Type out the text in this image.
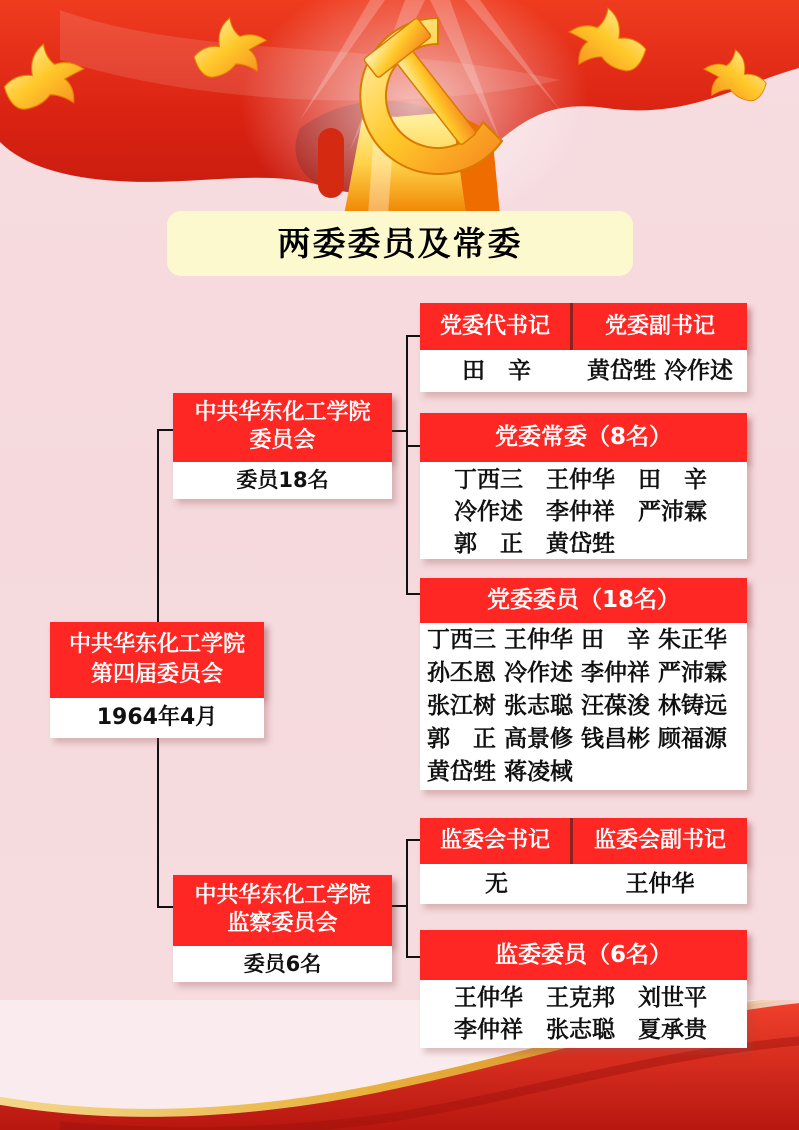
两委委员及常委
中共华东化工学院
第四届委员会
1964年4月
中共华东化工学院
委员会
委员18名
党委代书记	党委副书记
田　辛	黄岱甡 冷作述
党委常委（8名）
丁西三　王仲华　田　辛
冷作述　李仲祥　严沛霖
郭　正　黄岱甡
党委委员（18名）
丁西三 王仲华 田　辛 朱正华
孙丕恩 冷作述 李仲祥 严沛霖
张江树 张志聪 汪葆浚 林铸远
郭　正 高景修 钱昌彬 顾福源
黄岱甡 蒋凌棫
中共华东化工学院
监察委员会
委员6名
监委会书记	监委会副书记
无	王仲华
监委委员（6名）
王仲华　王克邦　刘世平
李仲祥　张志聪　夏承贵
